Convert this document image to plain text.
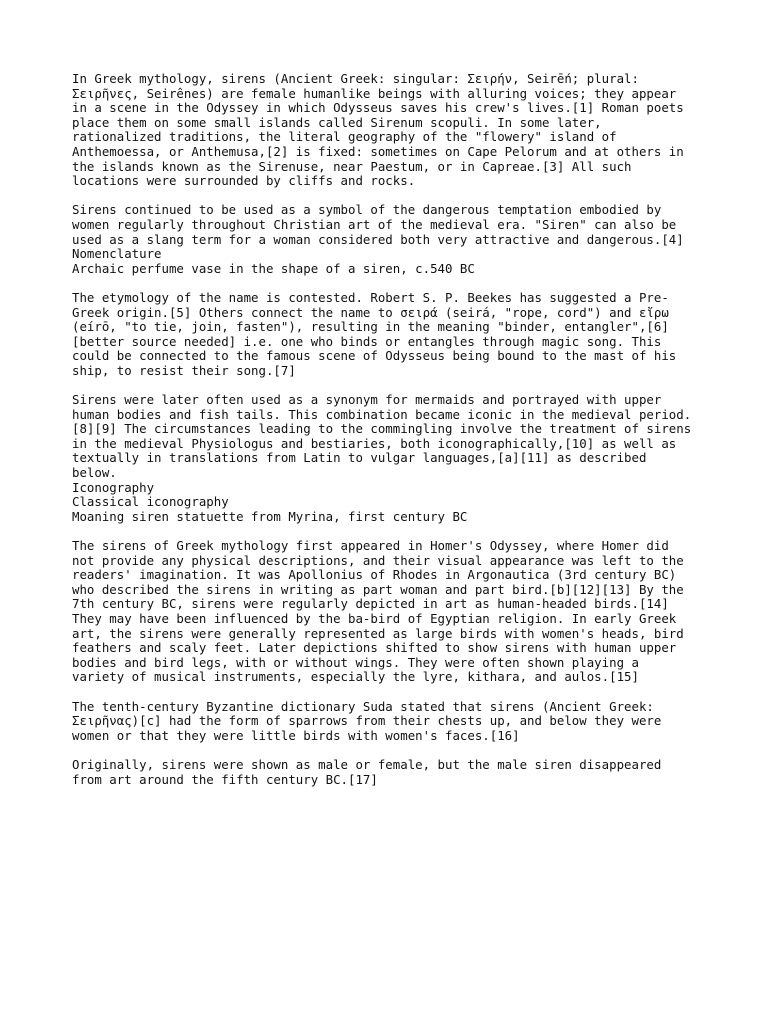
In Greek mythology, sirens (Ancient Greek: singular: Σειρήν, Seirḗn; plural:
Σειρῆνες, Seirênes) are female humanlike beings with alluring voices; they appear
in a scene in the Odyssey in which Odysseus saves his crew's lives.[1] Roman poets
place them on some small islands called Sirenum scopuli. In some later,
rationalized traditions, the literal geography of the "flowery" island of
Anthemoessa, or Anthemusa,[2] is fixed: sometimes on Cape Pelorum and at others in
the islands known as the Sirenuse, near Paestum, or in Capreae.[3] All such
locations were surrounded by cliffs and rocks.
Sirens continued to be used as a symbol of the dangerous temptation embodied by
women regularly throughout Christian art of the medieval era. "Siren" can also be
used as a slang term for a woman considered both very attractive and dangerous.[4]
Nomenclature
Archaic perfume vase in the shape of a siren, c.540 BC
The etymology of the name is contested. Robert S. P. Beekes has suggested a Pre-
Greek origin.[5] Others connect the name to σειρά (seirá, "rope, cord") and εἴρω
(eírō, "to tie, join, fasten"), resulting in the meaning "binder, entangler",[6]
[better source needed] i.e. one who binds or entangles through magic song. This
could be connected to the famous scene of Odysseus being bound to the mast of his
ship, to resist their song.[7]
Sirens were later often used as a synonym for mermaids and portrayed with upper
human bodies and fish tails. This combination became iconic in the medieval period.
[8][9] The circumstances leading to the commingling involve the treatment of sirens
in the medieval Physiologus and bestiaries, both iconographically,[10] as well as
textually in translations from Latin to vulgar languages,[a][11] as described
below.
Iconography
Classical iconography
Moaning siren statuette from Myrina, first century BC
The sirens of Greek mythology first appeared in Homer's Odyssey, where Homer did
not provide any physical descriptions, and their visual appearance was left to the
readers' imagination. It was Apollonius of Rhodes in Argonautica (3rd century BC)
who described the sirens in writing as part woman and part bird.[b][12][13] By the
7th century BC, sirens were regularly depicted in art as human-headed birds.[14]
They may have been influenced by the ba-bird of Egyptian religion. In early Greek
art, the sirens were generally represented as large birds with women's heads, bird
feathers and scaly feet. Later depictions shifted to show sirens with human upper
bodies and bird legs, with or without wings. They were often shown playing a
variety of musical instruments, especially the lyre, kithara, and aulos.[15]
The tenth-century Byzantine dictionary Suda stated that sirens (Ancient Greek:
Σειρῆνας)[c] had the form of sparrows from their chests up, and below they were
women or that they were little birds with women's faces.[16]
Originally, sirens were shown as male or female, but the male siren disappeared
from art around the fifth century BC.[17]
